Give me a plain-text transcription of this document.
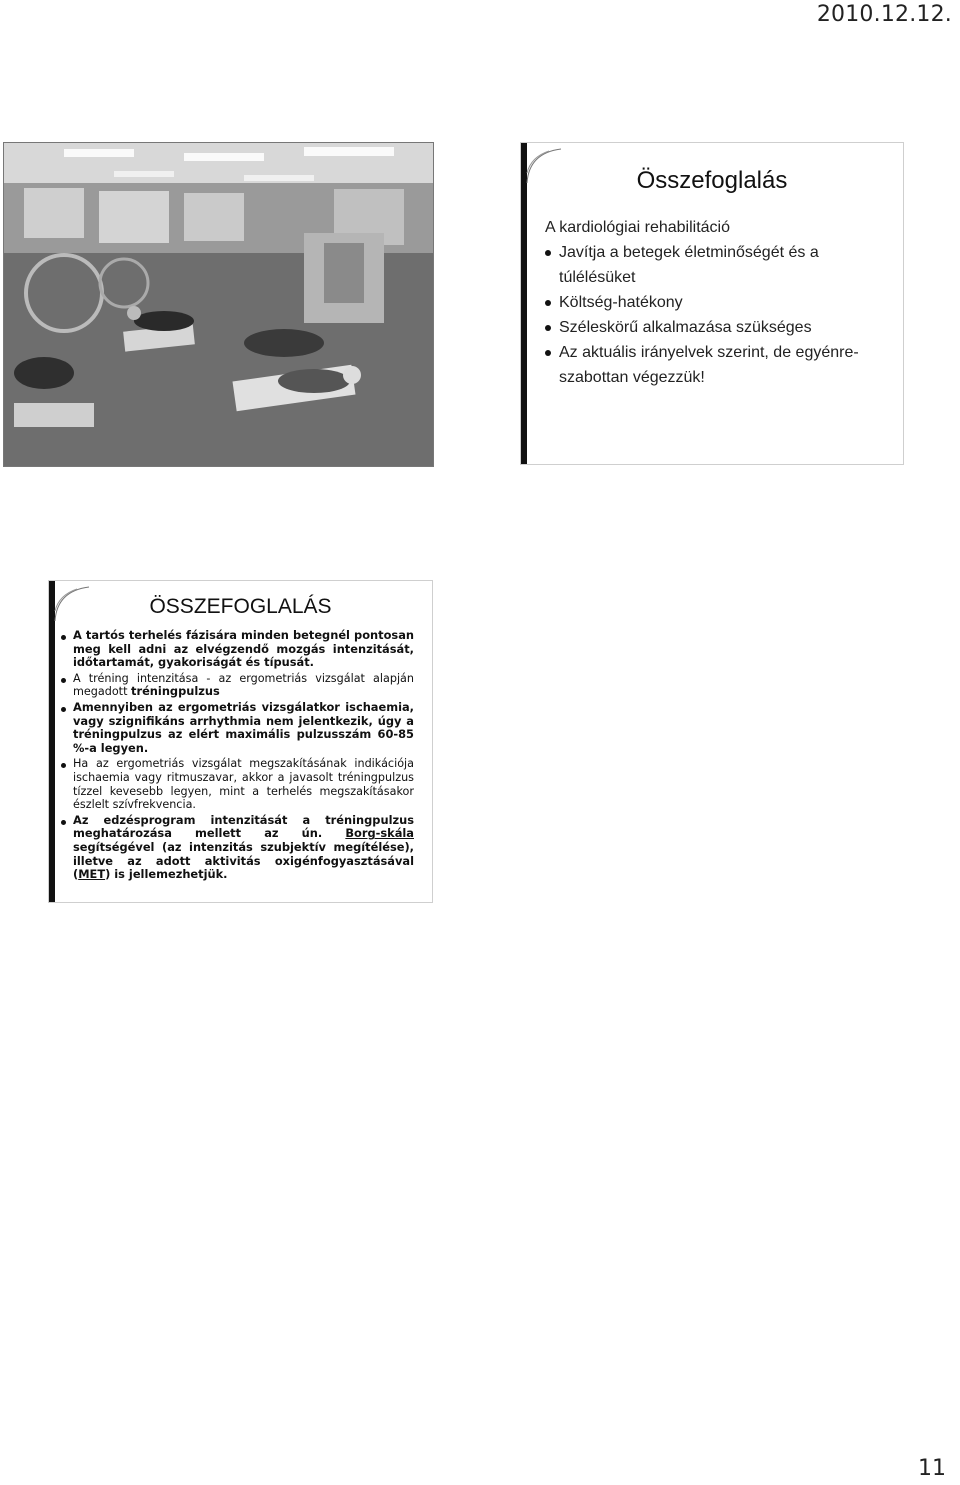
2010.12.12.
Összefoglalás
A kardiológiai rehabilitáció
Javítja a betegek életminőségét és a túlélésüket
Költség-hatékony
Széleskörű alkalmazása szükséges
Az aktuális irányelvek szerint, de egyénre-szabottan végezzük!
ÖSSZEFOGLALÁS
A tartós terhelés fázisára minden betegnél pontosan meg kell adni az elvégzendő mozgás intenzitását, időtartamát, gyakoriságát és típusát.
A tréning intenzitása - az ergometriás vizsgálat alapján megadott tréningpulzus
Amennyiben az ergometriás vizsgálatkor ischaemia, vagy szignifikáns arrhythmia nem jelentkezik, úgy a tréningpulzus az elért maximális pulzusszám 60-85 %-a legyen.
Ha az ergometriás vizsgálat megszakításának indikációja ischaemia vagy ritmuszavar, akkor a javasolt tréningpulzus tízzel kevesebb legyen, mint a terhelés megszakításakor észlelt szívfrekvencia.
Az edzésprogram intenzitását a tréningpulzus meghatározása mellett az ún. Borg-skála segítségével (az intenzitás szubjektív megítélése), illetve az adott aktivitás oxigénfogyasztásával (MET) is jellemezhetjük.
11
